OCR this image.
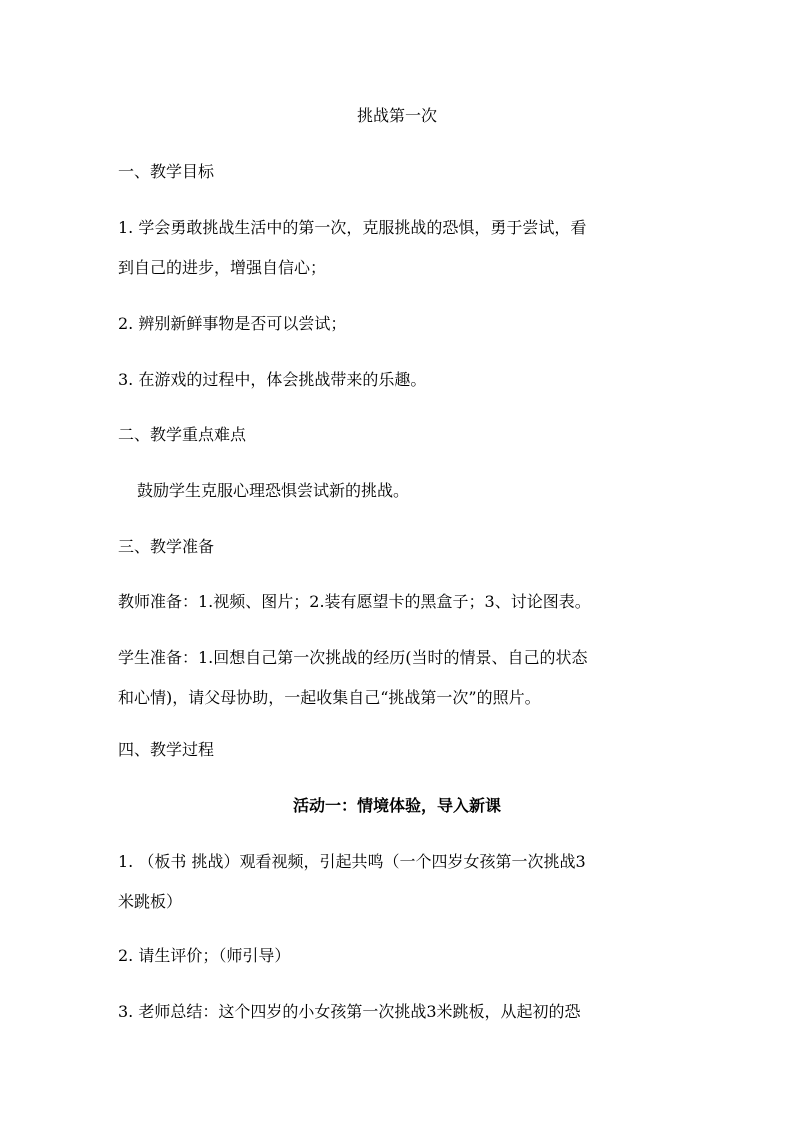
挑战第一次
一、教学目标
1. 学会勇敢挑战生活中的第一次，克服挑战的恐惧，勇于尝试，看
到自己的进步，增强自信心；
2. 辨别新鲜事物是否可以尝试；
3. 在游戏的过程中，体会挑战带来的乐趣。
二、教学重点难点
鼓励学生克服心理恐惧尝试新的挑战。
三、教学准备
教师准备：1.视频、图片；2.装有愿望卡的黑盒子；3、讨论图表。
学生准备：1.回想自己第一次挑战的经历(当时的情景、自己的状态
和心情)，请父母协助，一起收集自己“挑战第一次”的照片。
四、教学过程
活动一：情境体验，导入新课
1. （板书 挑战）观看视频，引起共鸣（一个四岁女孩第一次挑战3
米跳板）
2. 请生评价；（师引导）
3. 老师总结：这个四岁的小女孩第一次挑战3米跳板，从起初的恐
